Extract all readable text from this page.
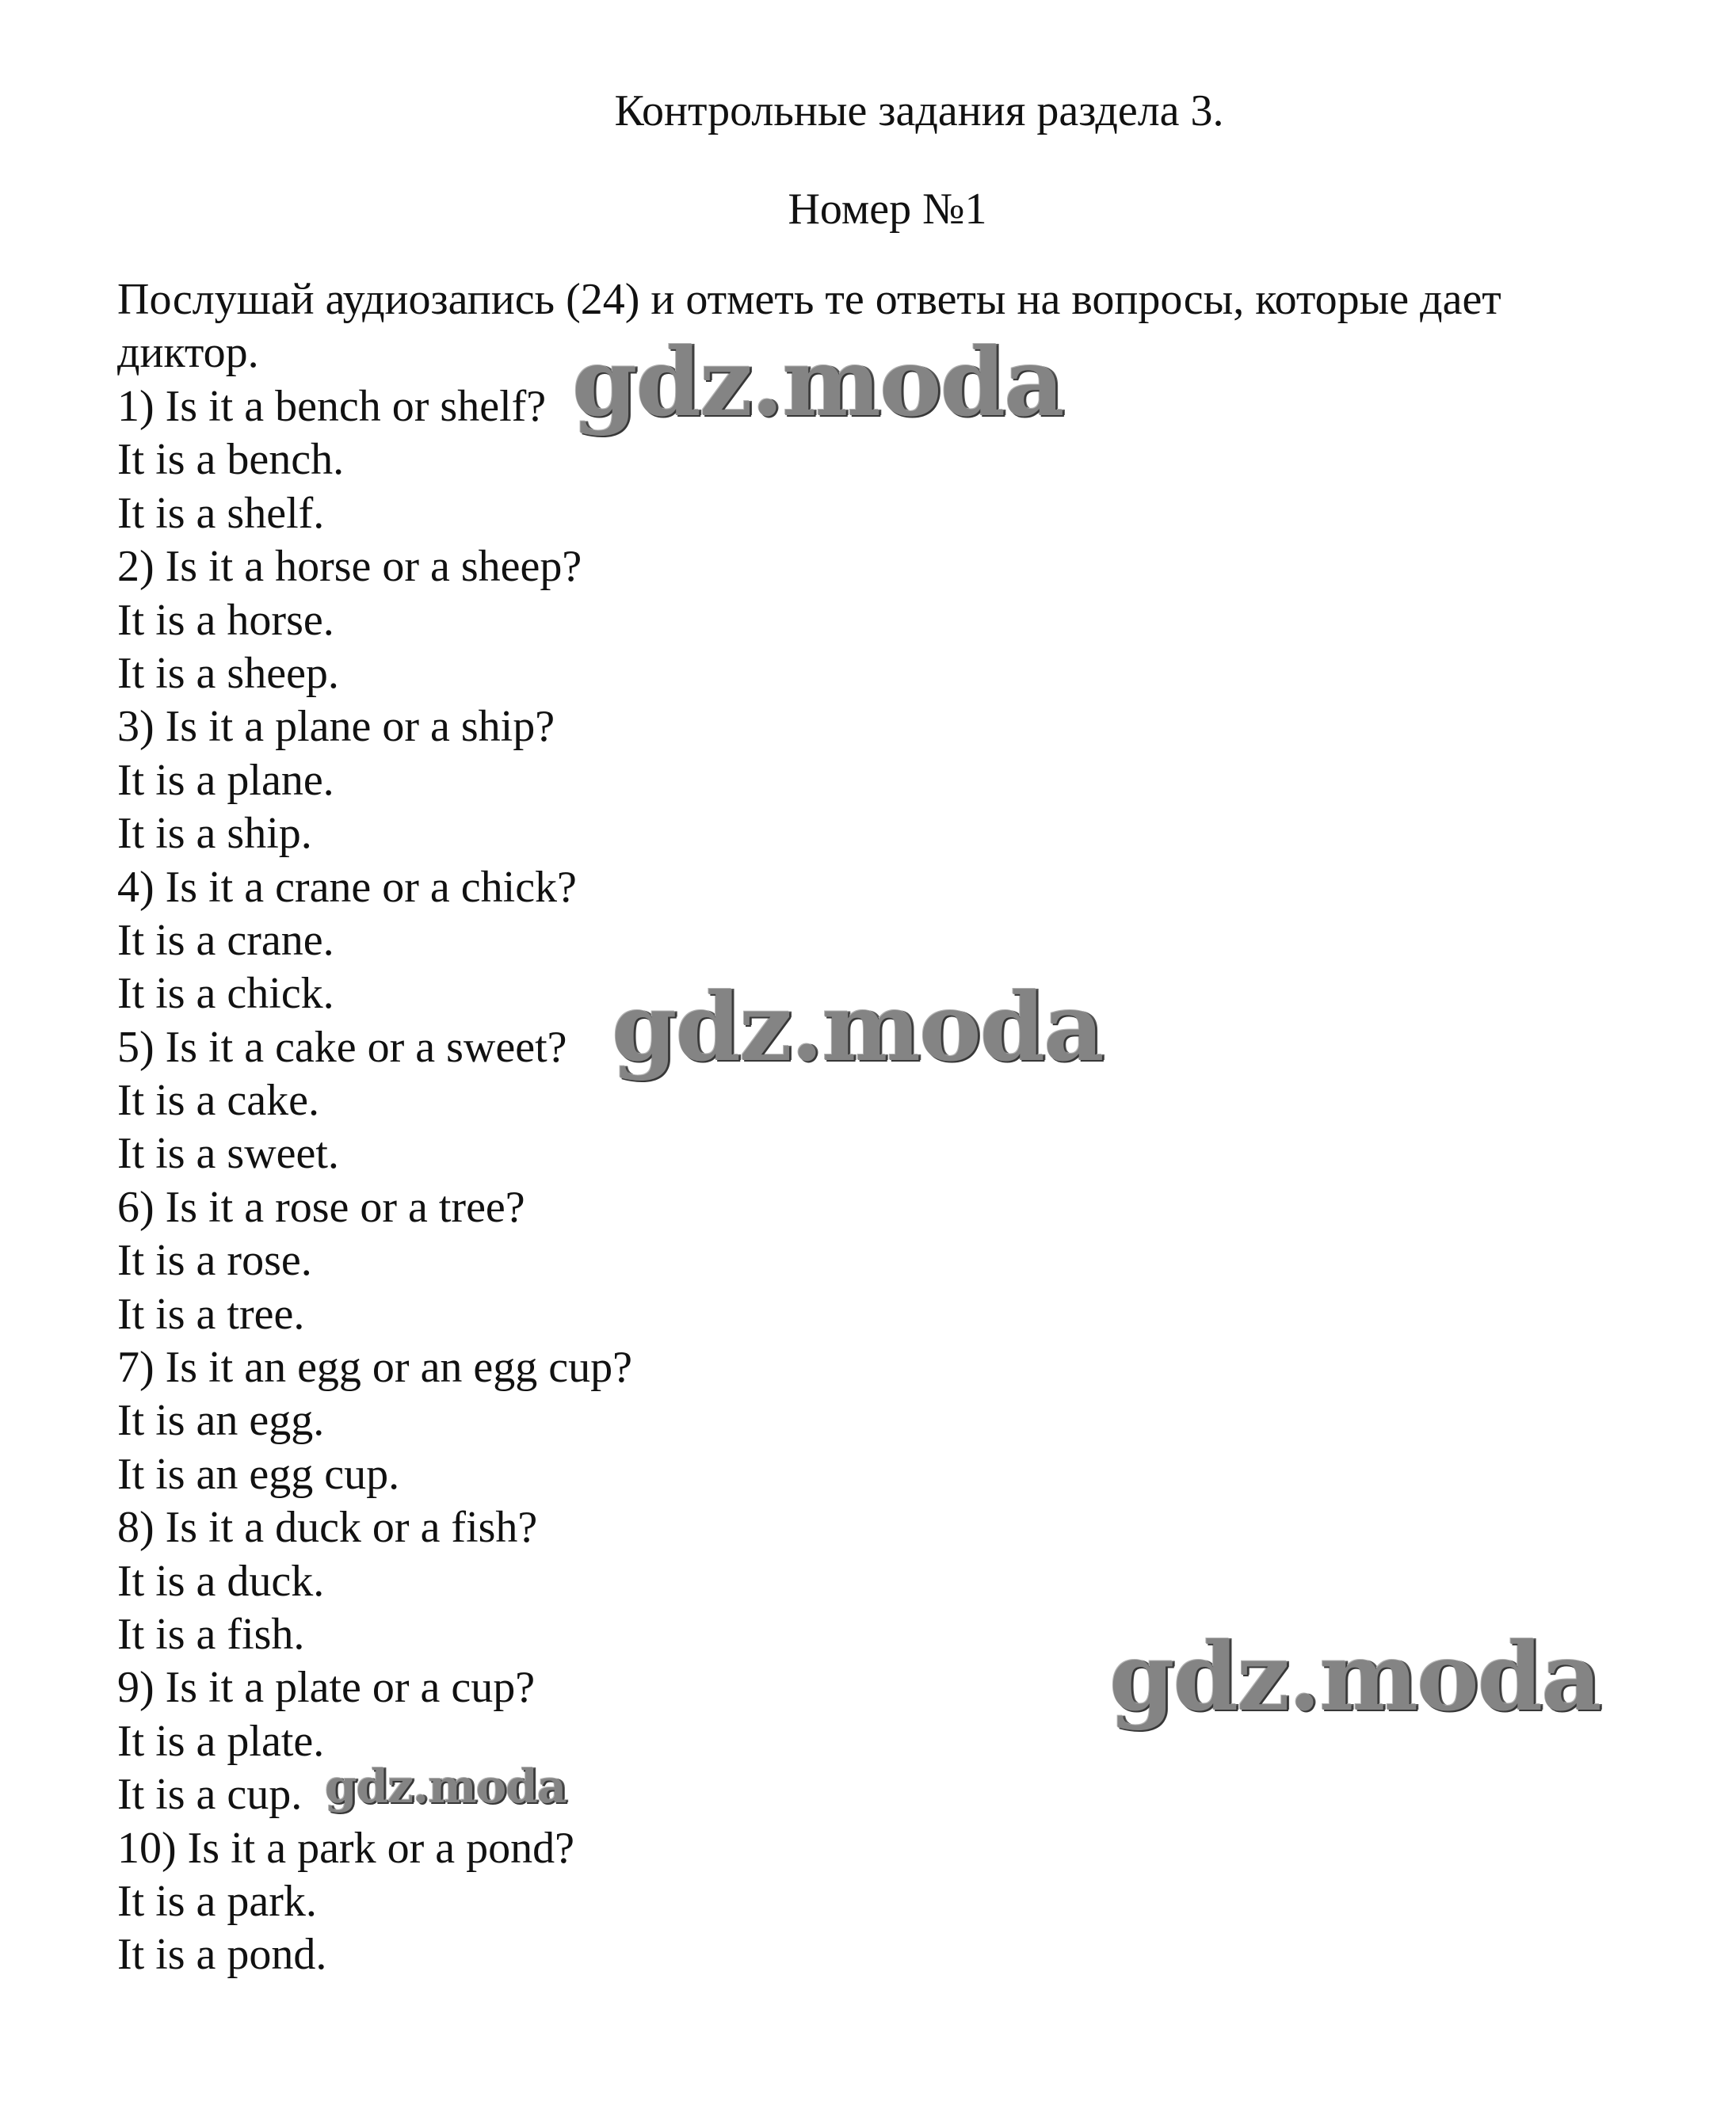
Контрольные задания раздела 3.
Номер №1

Послушай аудиозапись (24) и отметь те ответы на вопросы, которые дает диктор.

1) Is it a bench or shelf?
It is a bench.
It is a shelf.
2) Is it a horse or a sheep?
It is a horse.
It is a sheep.
3) Is it a plane or a ship?
It is a plane.
It is a ship.
4) Is it a crane or a chick?
It is a crane.
It is a chick.
5) Is it a cake or a sweet?
It is a cake.
It is a sweet.
6) Is it a rose or a tree?
It is a rose.
It is a tree.
7) Is it an egg or an egg cup?
It is an egg.
It is an egg cup.
8) Is it a duck or a fish?
It is a duck.
It is a fish.
9) Is it a plate or a cup?
It is a plate.
It is a cup.
10) Is it a park or a pond?
It is a park.
It is a pond.
gdz.moda
gdz.moda
gdz.moda
gdz.moda
